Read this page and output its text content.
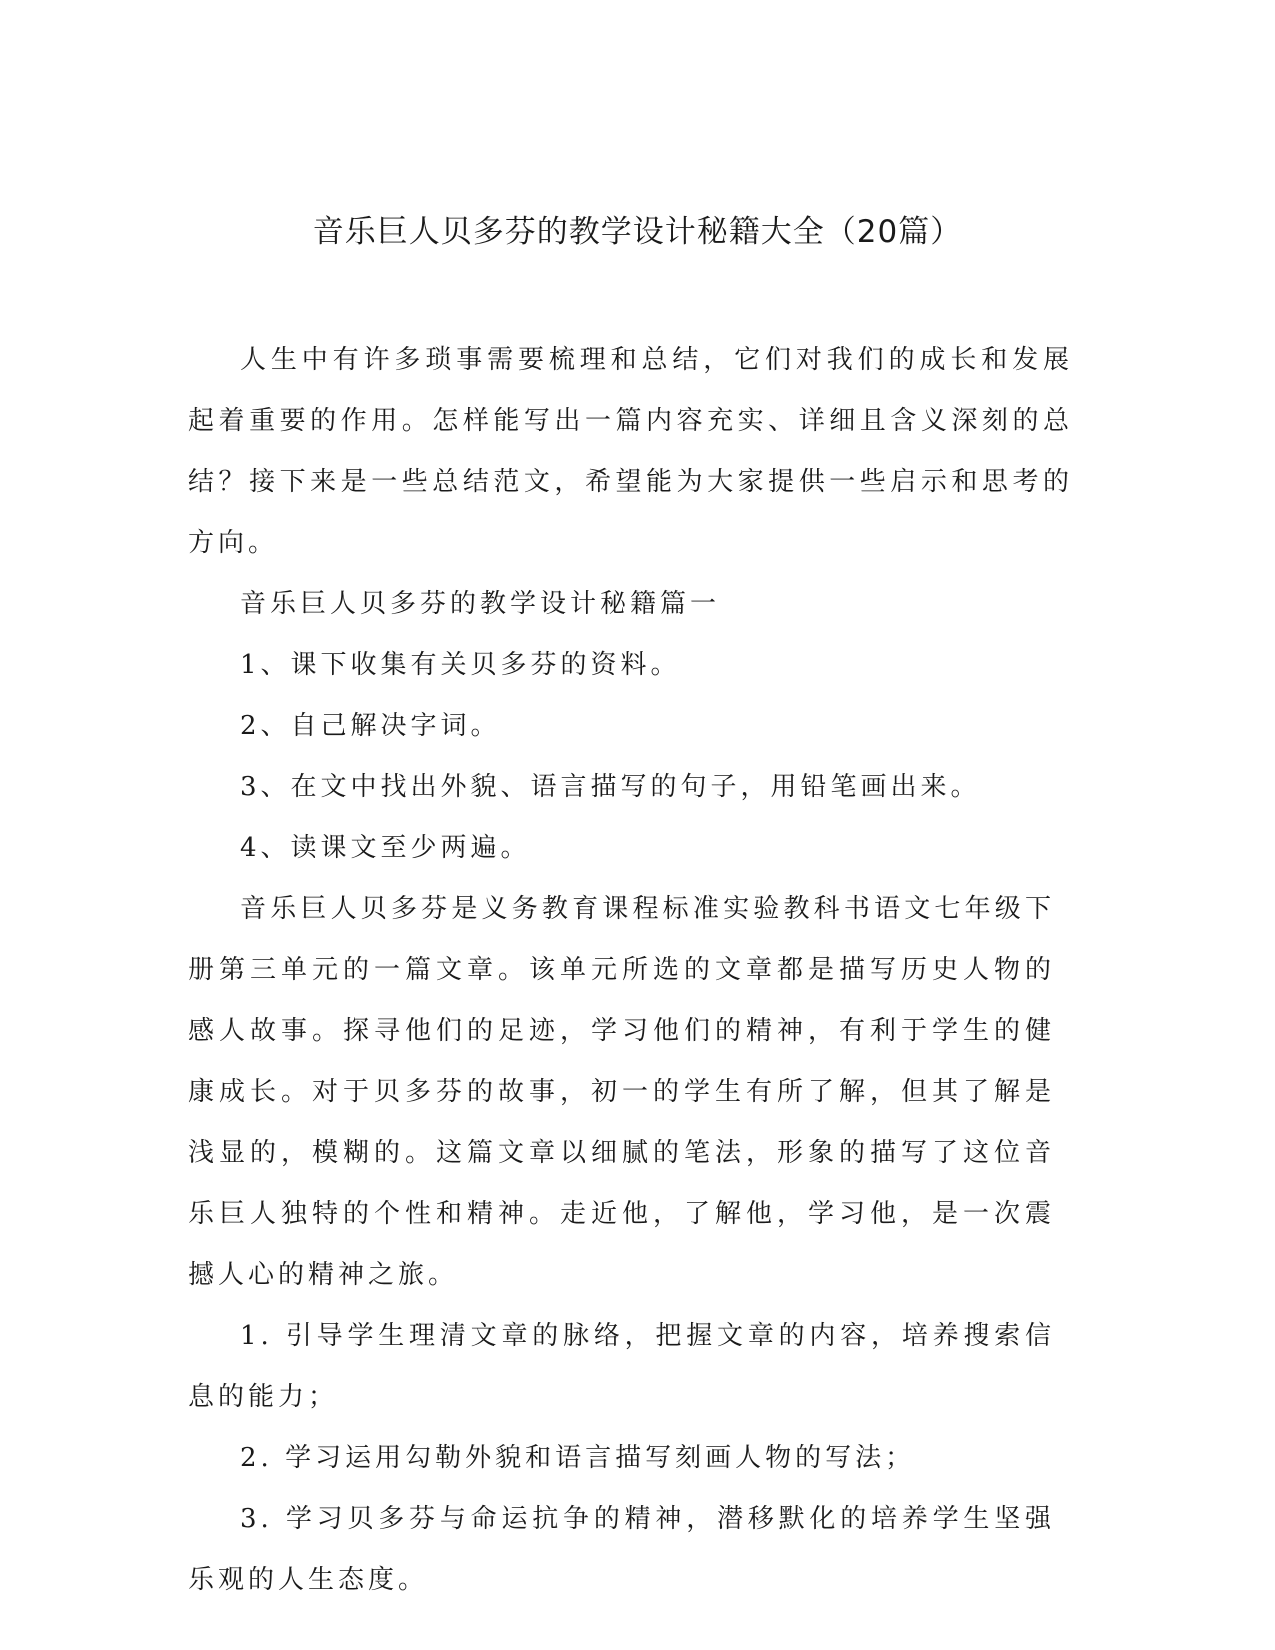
音乐巨人贝多芬的教学设计秘籍大全（20篇）

人生中有许多琐事需要梳理和总结，它们对我们的成长和发展起着重要的作用。怎样能写出一篇内容充实、详细且含义深刻的总结？接下来是一些总结范文，希望能为大家提供一些启示和思考的方向。

音乐巨人贝多芬的教学设计秘籍篇一

1、课下收集有关贝多芬的资料。

2、自己解决字词。

3、在文中找出外貌、语言描写的句子，用铅笔画出来。

4、读课文至少两遍。

音乐巨人贝多芬是义务教育课程标准实验教科书语文七年级下册第三单元的一篇文章。该单元所选的文章都是描写历史人物的感人故事。探寻他们的足迹，学习他们的精神，有利于学生的健康成长。对于贝多芬的故事，初一的学生有所了解，但其了解是浅显的，模糊的。这篇文章以细腻的笔法，形象的描写了这位音乐巨人独特的个性和精神。走近他，了解他，学习他，是一次震撼人心的精神之旅。

1. 引导学生理清文章的脉络，把握文章的内容，培养搜索信息的能力；

2. 学习运用勾勒外貌和语言描写刻画人物的写法；

3. 学习贝多芬与命运抗争的精神，潜移默化的培养学生坚强乐观的人生态度。
